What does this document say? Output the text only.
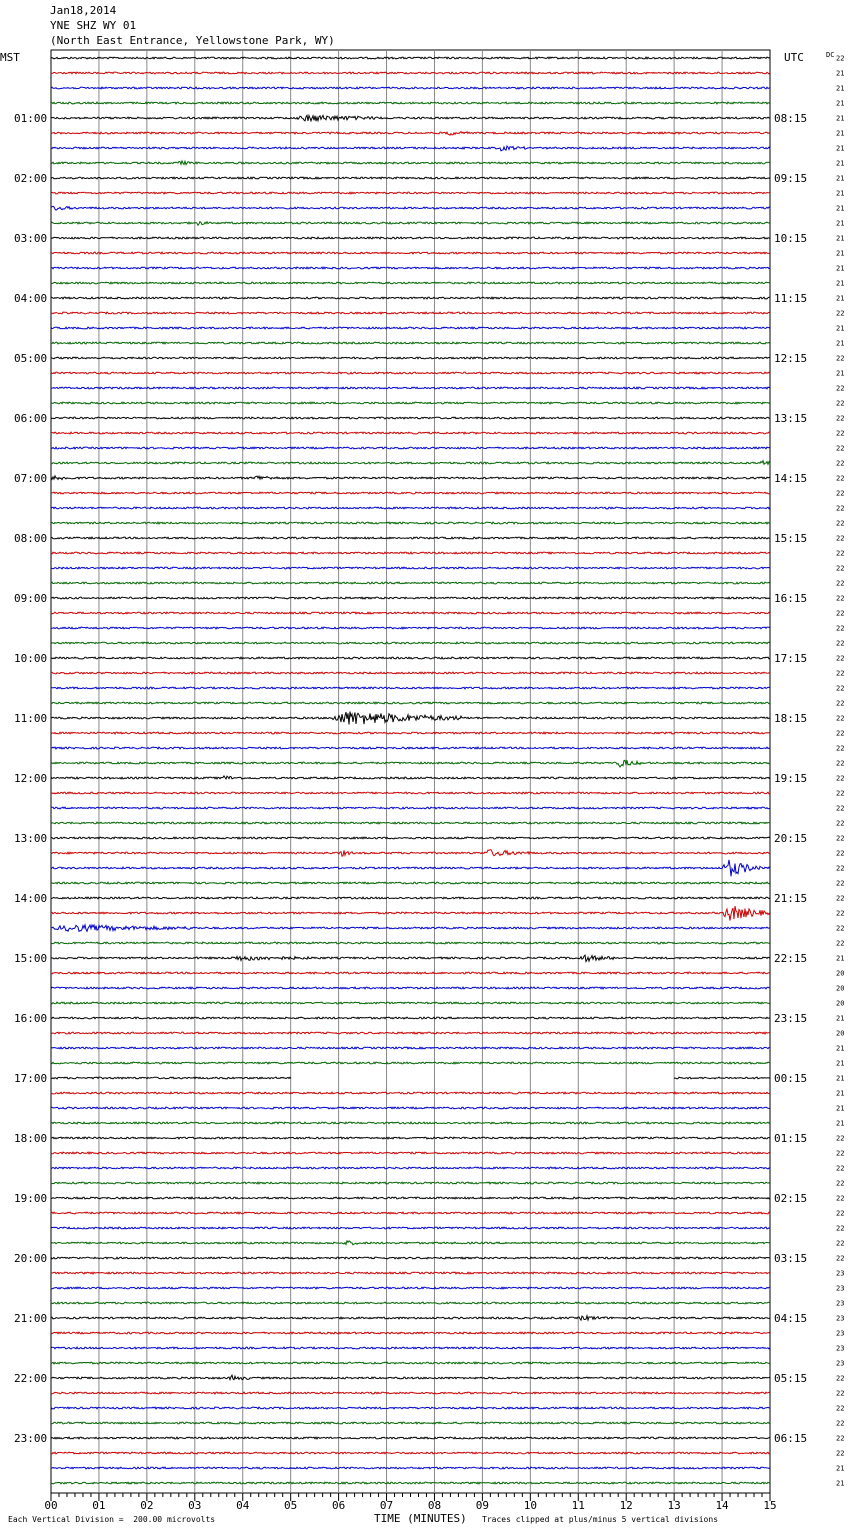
Jan18,2014
YNE SHZ WY 01
(North East Entrance, Yellowstone Park, WY)
MST	UTC
01:00
02:00
03:00
04:00
05:00
06:00
07:00
08:00
09:00
10:00
11:00
12:00
13:00
14:00
15:00
16:00
17:00
18:00
19:00
20:00
21:00
22:00
23:00
08:15
09:15
10:15
11:15
12:15
13:15
14:15
15:15
16:15
17:15
18:15
19:15
20:15
21:15
22:15
23:15
00:15
01:15
02:15
03:15
04:15
05:15
06:15
DC 22
21
21
21
21
21
21
21
21
21
21
21
21
21
21
21
21
22
21
21
22
21
22
22
22
22
22
22
22
22
22
22
22
22
22
22
22
22
22
22
22
22
22
22
22
22
22
22
22
22
22
22
22
22
22
22
22
22
22
22
21
20
20
20
21
20
21
21
21
21
21
21
22
22
22
22
22
22
22
22
22
23
23
23
23
23
23
23
22
22
22
22
22
22
21
21
00	01	02	03	04	05	06	07	08	09	10	11	12	13	14	15
Each Vertical Division =  200.00 microvolts	TIME (MINUTES) Traces clipped at plus/minus 5 vertical divisions
